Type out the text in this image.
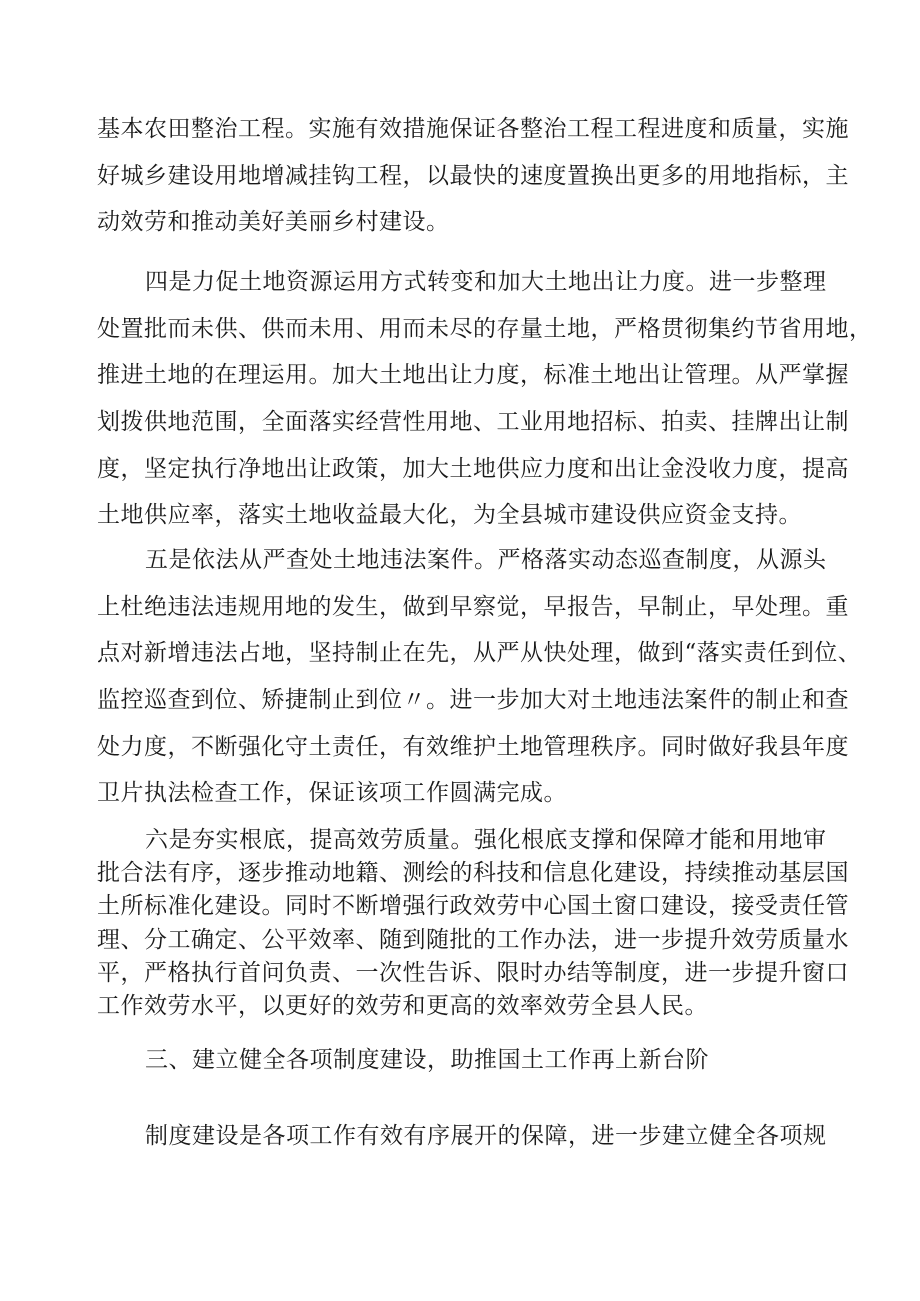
基本农田整治工程。实施有效措施保证各整治工程工程进度和质量，实施
好城乡建设用地增减挂钩工程，以最快的速度置换出更多的用地指标，主
动效劳和推动美好美丽乡村建设。
四是力促土地资源运用方式转变和加大土地出让力度。进一步整理
处置批而未供、供而未用、用而未尽的存量土地，严格贯彻集约节省用地，
推进土地的在理运用。加大土地出让力度，标准土地出让管理。从严掌握
划拨供地范围，全面落实经营性用地、工业用地招标、拍卖、挂牌出让制
度，坚定执行净地出让政策，加大土地供应力度和出让金没收力度，提高
土地供应率，落实土地收益最大化，为全县城市建设供应资金支持。
五是依法从严查处土地违法案件。严格落实动态巡查制度，从源头
上杜绝违法违规用地的发生，做到早察觉，早报告，早制止，早处理。重
点对新增违法占地，坚持制止在先，从严从快处理，做到“落实责任到位、
监控巡查到位、矫捷制止到位〃。进一步加大对土地违法案件的制止和查
处力度，不断强化守土责任，有效维护土地管理秩序。同时做好我县年度
卫片执法检查工作，保证该项工作圆满完成。
六是夯实根底，提高效劳质量。强化根底支撑和保障才能和用地审
批合法有序，逐步推动地籍、测绘的科技和信息化建设，持续推动基层国
土所标准化建设。同时不断增强行政效劳中心国土窗口建设，接受责任管
理、分工确定、公平效率、随到随批的工作办法，进一步提升效劳质量水
平，严格执行首问负责、一次性告诉、限时办结等制度，进一步提升窗口
工作效劳水平，以更好的效劳和更高的效率效劳全县人民。
三、建立健全各项制度建设，助推国土工作再上新台阶
制度建设是各项工作有效有序展开的保障，进一步建立健全各项规
